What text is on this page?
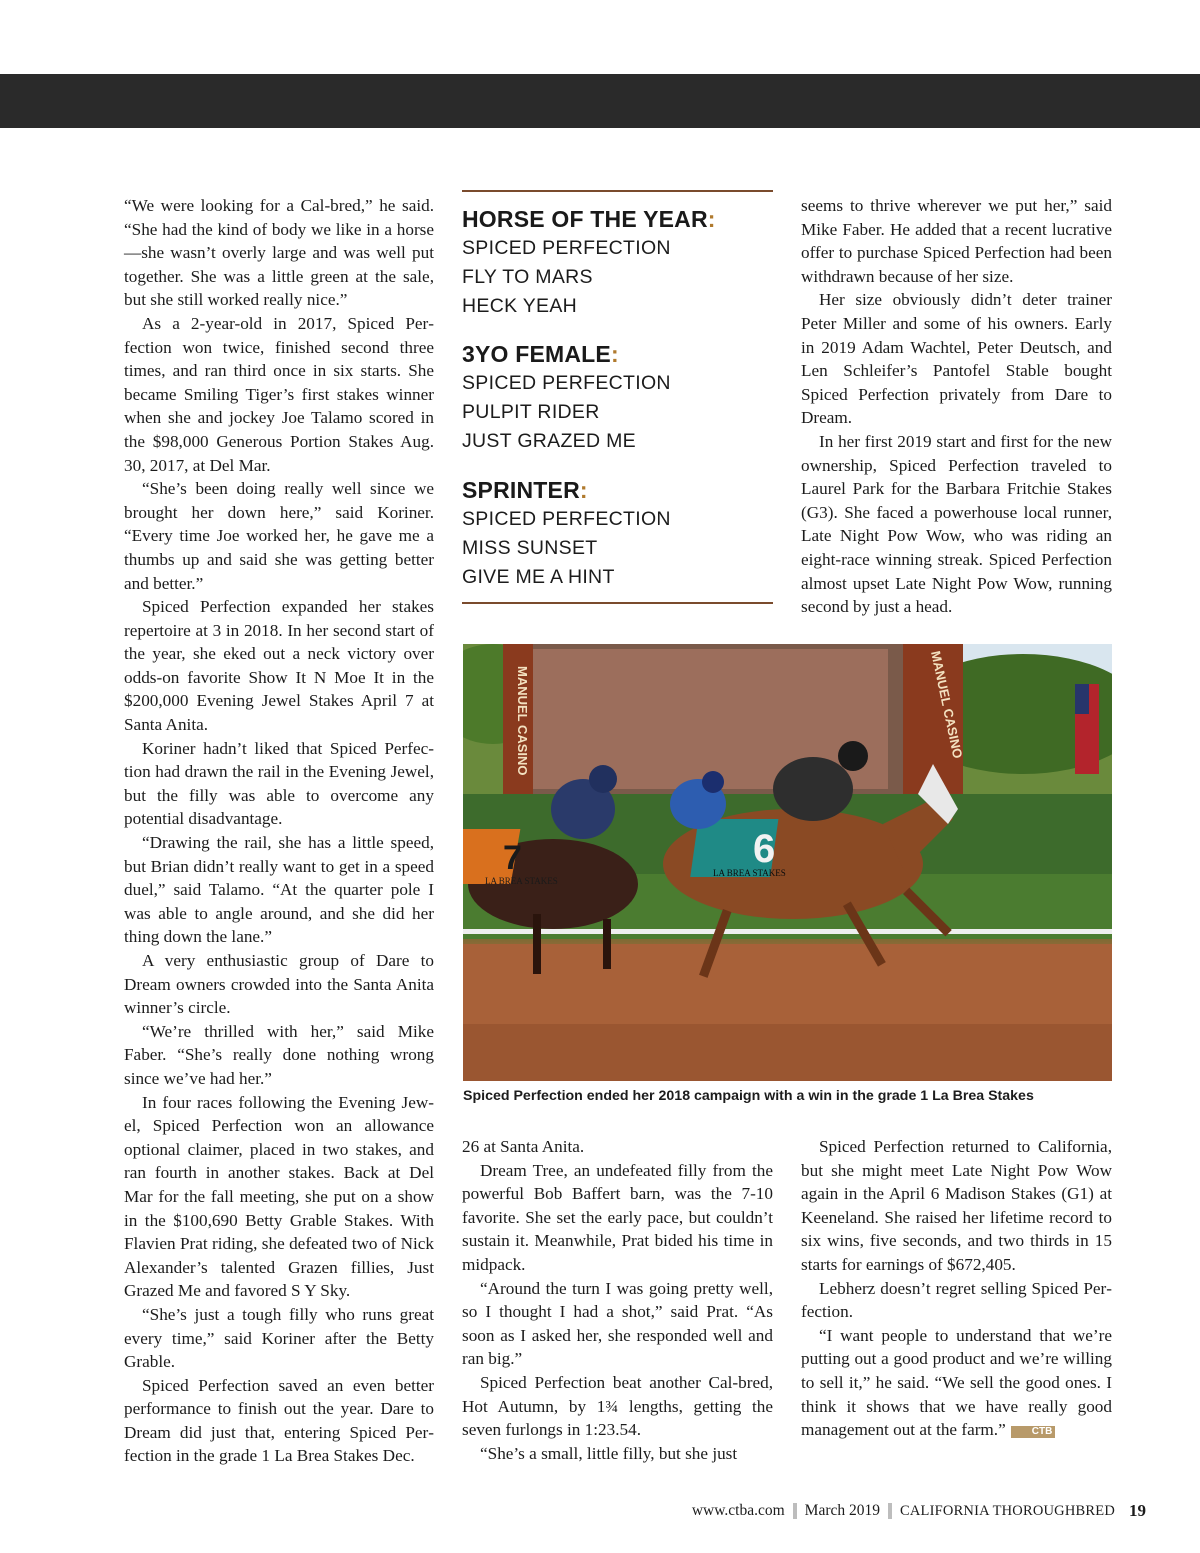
“We were looking for a Cal-bred,” he said. “She had the kind of body we like in a horse—she wasn’t overly large and was well put together. She was a little green at the sale, but she still worked really nice.”

As a 2-year-old in 2017, Spiced Perfection won twice, finished second three times, and ran third once in six starts. She became Smiling Tiger’s first stakes winner when she and jockey Joe Talamo scored in the $98,000 Generous Portion Stakes Aug. 30, 2017, at Del Mar.

“She’s been doing really well since we brought her down here,” said Koriner. “Every time Joe worked her, he gave me a thumbs up and said she was getting better and better.”

Spiced Perfection expanded her stakes repertoire at 3 in 2018. In her second start of the year, she eked out a neck victory over odds-on favorite Show It N Moe It in the $200,000 Evening Jewel Stakes April 7 at Santa Anita.

Koriner hadn’t liked that Spiced Perfection had drawn the rail in the Evening Jewel, but the filly was able to overcome any potential disadvantage.

“Drawing the rail, she has a little speed, but Brian didn’t really want to get in a speed duel,” said Talamo. “At the quarter pole I was able to angle around, and she did her thing down the lane.”

A very enthusiastic group of Dare to Dream owners crowded into the Santa Anita winner’s circle.

“We’re thrilled with her,” said Mike Faber. “She’s really done nothing wrong since we’ve had her.”

In four races following the Evening Jewel, Spiced Perfection won an allowance optional claimer, placed in two stakes, and ran fourth in another stakes. Back at Del Mar for the fall meeting, she put on a show in the $100,690 Betty Grable Stakes. With Flavien Prat riding, she defeated two of Nick Alexander’s talented Grazen fillies, Just Grazed Me and favored S Y Sky.

“She’s just a tough filly who runs great every time,” said Koriner after the Betty Grable.

Spiced Perfection saved an even better performance to finish out the year. Dare to Dream did just that, entering Spiced Perfection in the grade 1 La Brea Stakes Dec.

HORSE OF THE YEAR:
SPICED PERFECTION
FLY TO MARS
HECK YEAH
3YO FEMALE:
SPICED PERFECTION
PULPIT RIDER
JUST GRAZED ME
SPRINTER:
SPICED PERFECTION
MISS SUNSET
GIVE ME A HINT

seems to thrive wherever we put her,” said Mike Faber. He added that a recent lucrative offer to purchase Spiced Perfection had been withdrawn because of her size.

Her size obviously didn’t deter trainer Peter Miller and some of his owners. Early in 2019 Adam Wachtel, Peter Deutsch, and Len Schleifer’s Pantofel Stable bought Spiced Perfection privately from Dare to Dream.

In her first 2019 start and first for the new ownership, Spiced Perfection traveled to Laurel Park for the Barbara Fritchie Stakes (G3). She faced a powerhouse local runner, Late Night Pow Wow, who was riding an eight-race winning streak. Spiced Perfection almost upset Late Night Pow Wow, running second by just a head.

MANUEL CASINO	MANUEL CASINO
7
LA BREA STAKES
6
LA BREA STAKES
Spiced Perfection ended her 2018 campaign with a win in the grade 1 La Brea Stakes

26 at Santa Anita.

Dream Tree, an undefeated filly from the powerful Bob Baffert barn, was the 7-10 favorite. She set the early pace, but couldn’t sustain it. Meanwhile, Prat bided his time in midpack.

“Around the turn I was going pretty well, so I thought I had a shot,” said Prat. “As soon as I asked her, she responded well and ran big.”

Spiced Perfection beat another Cal-bred, Hot Autumn, by 1¾ lengths, getting the seven furlongs in 1:23.54.

“She’s a small, little filly, but she just

Spiced Perfection returned to California, but she might meet Late Night Pow Wow again in the April 6 Madison Stakes (G1) at Keeneland. She raised her lifetime record to six wins, five seconds, and two thirds in 15 starts for earnings of $672,405.

Lebherz doesn’t regret selling Spiced Perfection.

“I want people to understand that we’re putting out a good product and we’re willing to sell it,” he said. “We sell the good ones. I think it shows that we have really good management out at the farm.”	CTB

www.ctba.com March 2019 CALIFORNIA THOROUGHBRED 19
